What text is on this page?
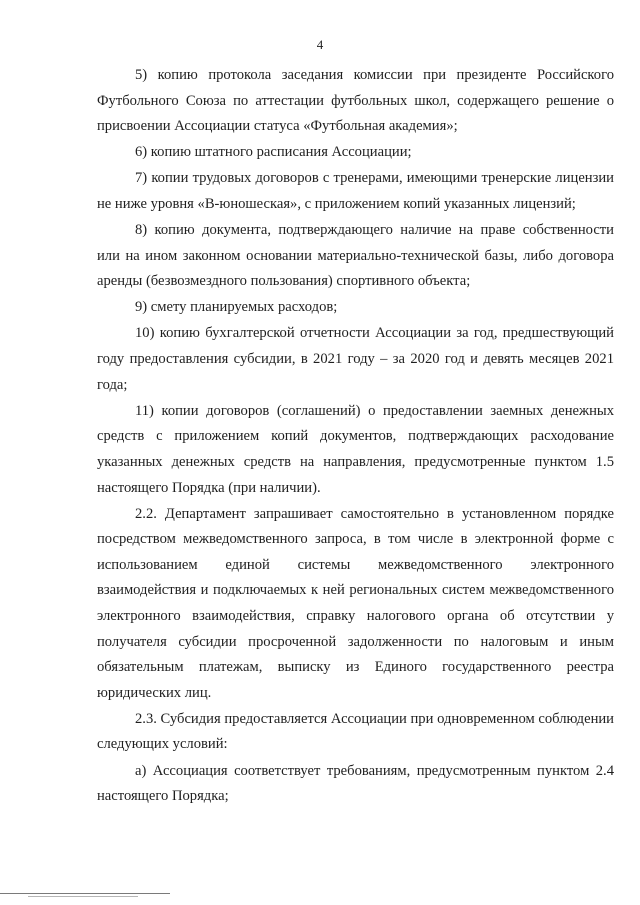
4

5) копию протокола заседания комиссии при президенте Российского Футбольного Союза по аттестации футбольных школ, содержащего решение о присвоении Ассоциации статуса «Футбольная академия»;

6) копию штатного расписания Ассоциации;

7) копии трудовых договоров с тренерами, имеющими тренерские лицензии не ниже уровня «В-юношеская», с приложением копий указанных лицензий;

8) копию документа, подтверждающего наличие на праве собственности или на ином законном основании материально-технической базы, либо договора аренды (безвозмездного пользования) спортивного объекта;

9) смету планируемых расходов;

10) копию бухгалтерской отчетности Ассоциации за год, предшествующий году предоставления субсидии, в 2021 году – за 2020 год и девять месяцев 2021 года;

11) копии договоров (соглашений) о предоставлении заемных денежных средств с приложением копий документов, подтверждающих расходование указанных денежных средств на направления, предусмотренные пунктом 1.5 настоящего Порядка (при наличии).

2.2. Департамент запрашивает самостоятельно в установленном порядке посредством межведомственного запроса, в том числе в электронной форме с использованием единой системы межведомственного электронного взаимодействия и подключаемых к ней региональных систем межведомственного электронного взаимодействия, справку налогового органа об отсутствии у получателя субсидии просроченной задолженности по налоговым и иным обязательным платежам, выписку из Единого государственного реестра юридических лиц.

2.3. Субсидия предоставляется Ассоциации при одновременном соблюдении следующих условий:

а) Ассоциация соответствует требованиям, предусмотренным пунктом 2.4 настоящего Порядка;
